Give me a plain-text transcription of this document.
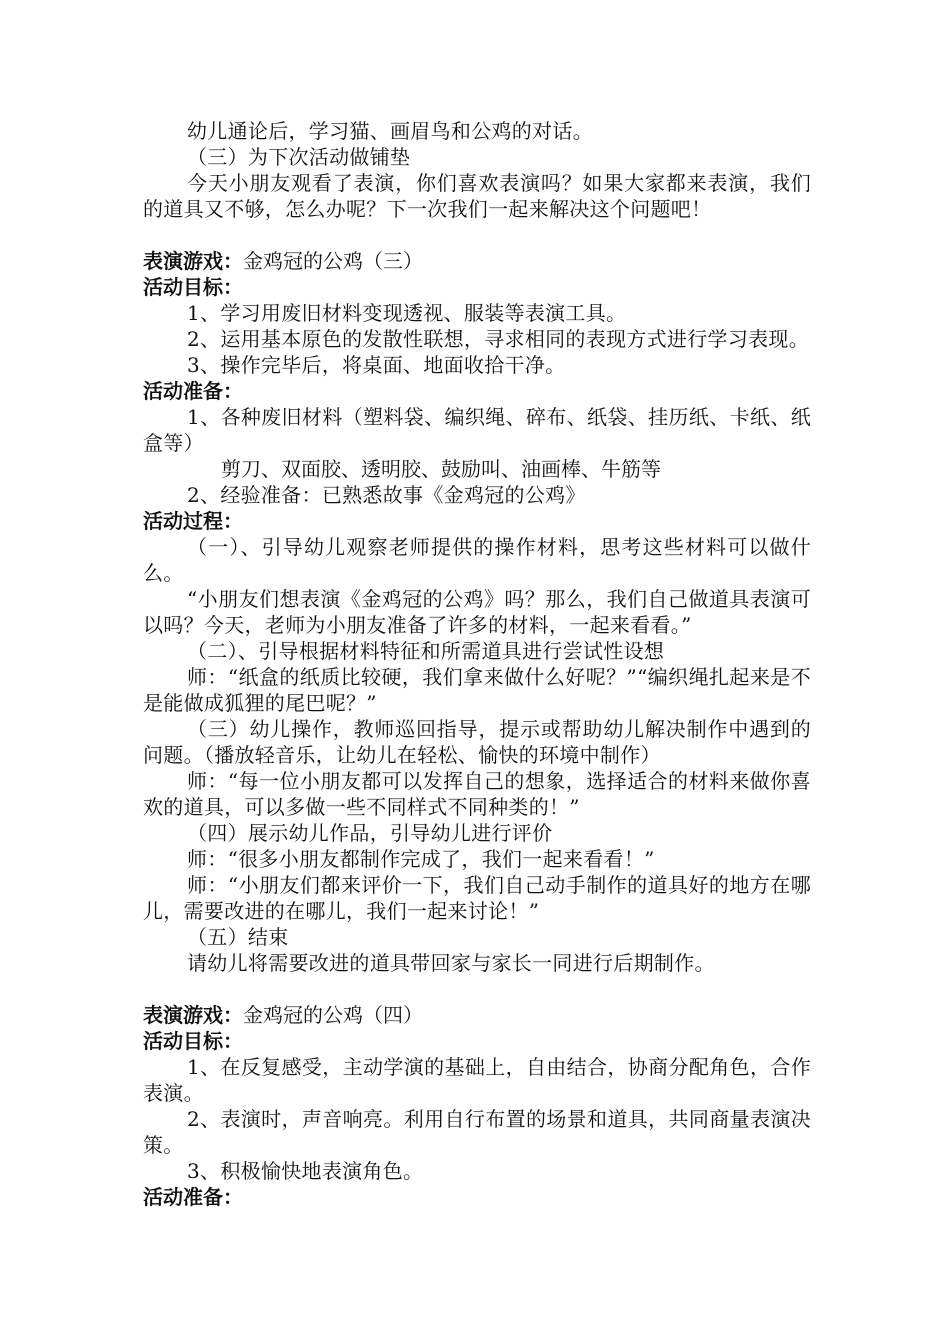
幼儿通论后，学习猫、画眉鸟和公鸡的对话。

（三）为下次活动做铺垫

今天小朋友观看了表演，你们喜欢表演吗？如果大家都来表演，我们的道具又不够，怎么办呢？下一次我们一起来解决这个问题吧！

表演游戏：金鸡冠的公鸡（三）

活动目标：

1、学习用废旧材料变现透视、服装等表演工具。

2、运用基本原色的发散性联想，寻求相同的表现方式进行学习表现。

3、操作完毕后，将桌面、地面收拾干净。

活动准备：

1、各种废旧材料（塑料袋、编织绳、碎布、纸袋、挂历纸、卡纸、纸盒等）

剪刀、双面胶、透明胶、鼓励叫、油画棒、牛筋等

2、经验准备：已熟悉故事《金鸡冠的公鸡》

活动过程：

（一）、引导幼儿观察老师提供的操作材料，思考这些材料可以做什么。

“小朋友们想表演《金鸡冠的公鸡》吗？那么，我们自己做道具表演可以吗？今天，老师为小朋友准备了许多的材料，一起来看看。”

（二）、引导根据材料特征和所需道具进行尝试性设想

师：“纸盒的纸质比较硬，我们拿来做什么好呢？”“编织绳扎起来是不是能做成狐狸的尾巴呢？”

（三）幼儿操作，教师巡回指导，提示或帮助幼儿解决制作中遇到的问题。（播放轻音乐，让幼儿在轻松、愉快的环境中制作）

师：“每一位小朋友都可以发挥自己的想象，选择适合的材料来做你喜欢的道具，可以多做一些不同样式不同种类的！”

（四）展示幼儿作品，引导幼儿进行评价

师：“很多小朋友都制作完成了，我们一起来看看！”

师：“小朋友们都来评价一下，我们自己动手制作的道具好的地方在哪儿，需要改进的在哪儿，我们一起来讨论！”

（五）结束

请幼儿将需要改进的道具带回家与家长一同进行后期制作。

表演游戏：金鸡冠的公鸡（四）

活动目标：

1、在反复感受，主动学演的基础上，自由结合，协商分配角色，合作表演。

2、表演时，声音响亮。利用自行布置的场景和道具，共同商量表演决策。

3、积极愉快地表演角色。

活动准备：
